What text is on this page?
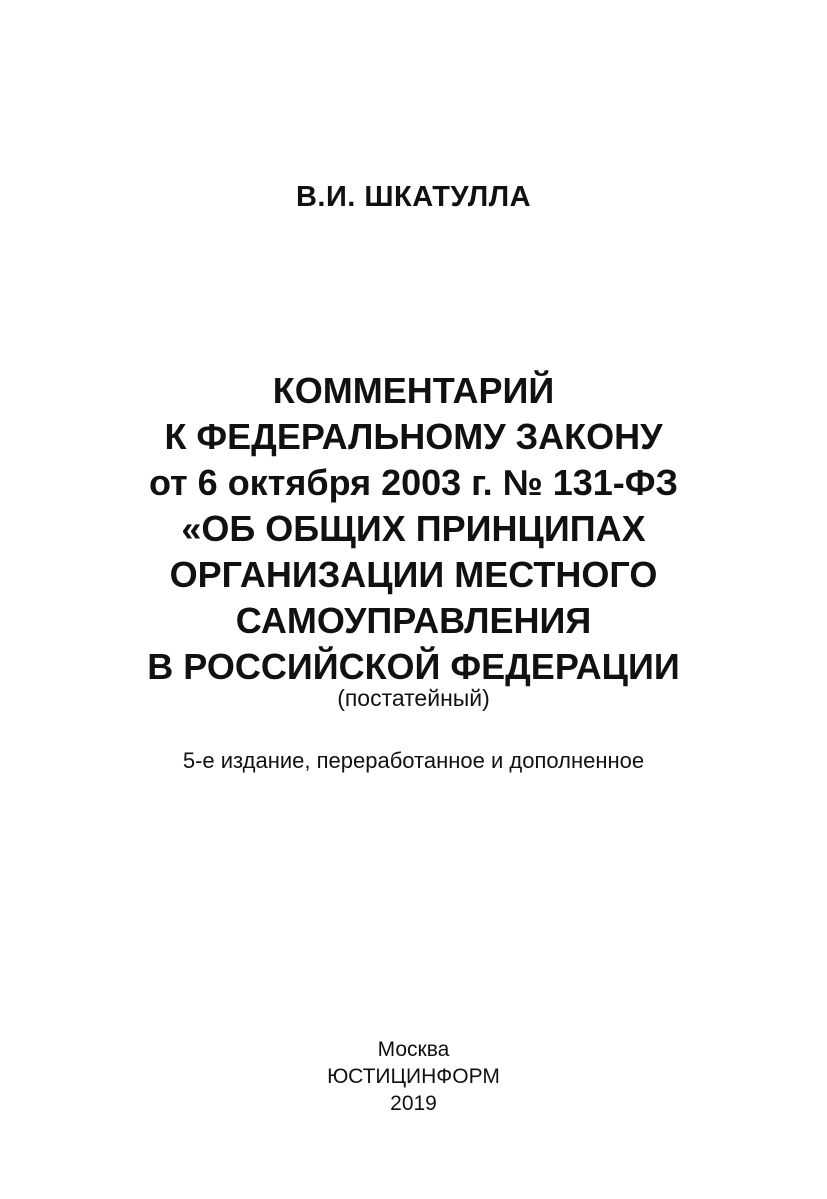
В.И. ШКАТУЛЛА
КОММЕНТАРИЙ
К ФЕДЕРАЛЬНОМУ ЗАКОНУ
от 6 октября 2003 г. № 131-ФЗ
«ОБ ОБЩИХ ПРИНЦИПАХ
ОРГАНИЗАЦИИ МЕСТНОГО
САМОУПРАВЛЕНИЯ
В РОССИЙСКОЙ ФЕДЕРАЦИИ
(постатейный)
5-е издание, переработанное и дополненное
Москва
ЮСТИЦИНФОРМ
2019
